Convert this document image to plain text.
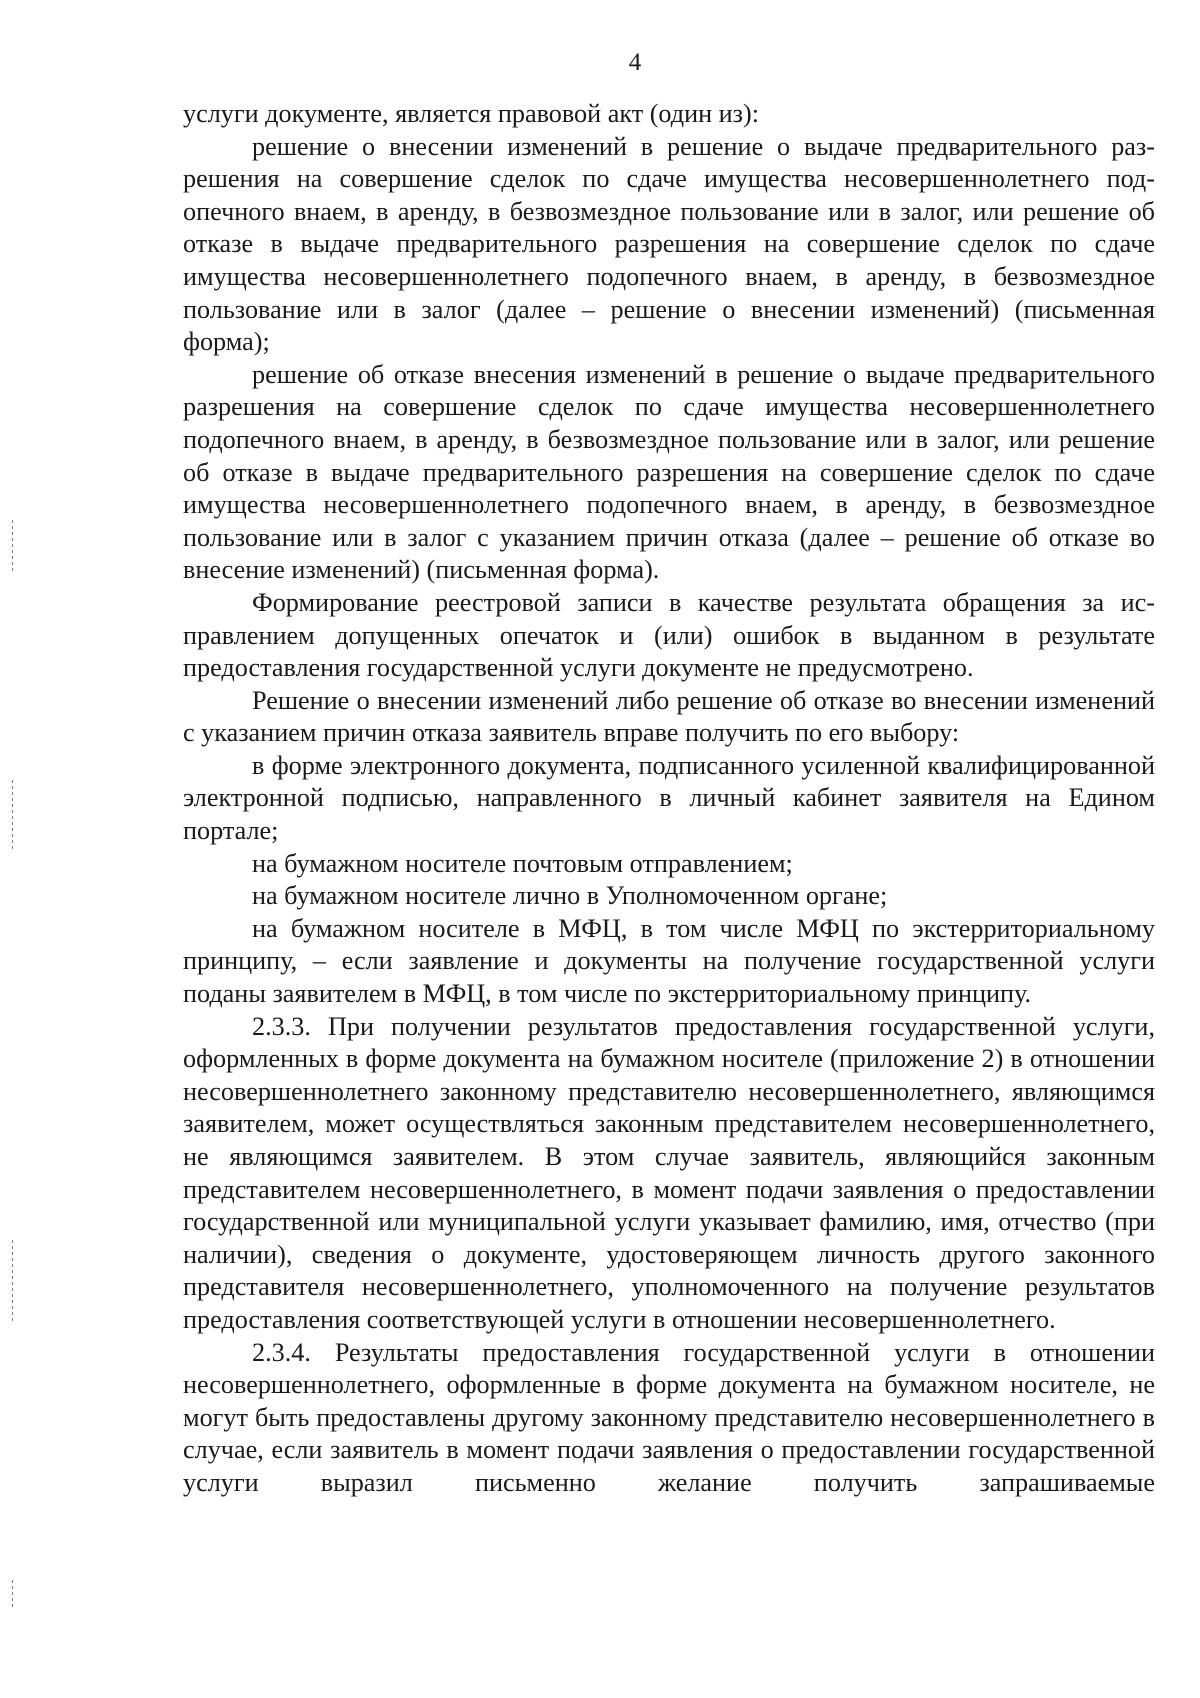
4

услуги документе, является правовой акт (один из):

решение о внесении изменений в решение о выдаче предварительного разрешения на совершение сделок по сдаче имущества несовершеннолетнего подопечного внаем, в аренду, в безвозмездное пользование или в залог, или решение об отказе в выдаче предварительного разрешения на совершение сделок по сдаче имущества несовершеннолетнего подопечного внаем, в аренду, в безвозмездное пользование или в залог (далее – решение о внесении изменений) (письменная форма);

решение об отказе внесения изменений в решение о выдаче предварительного разрешения на совершение сделок по сдаче имущества несовершеннолетнего подопечного внаем, в аренду, в безвозмездное пользование или в залог, или решение об отказе в выдаче предварительного разрешения на совершение сделок по сдаче имущества несовершеннолетнего подопечного внаем, в аренду, в безвозмездное пользование или в залог с указанием причин отказа (далее – решение об отказе во внесение изменений) (письменная форма).

Формирование реестровой записи в качестве результата обращения за исправлением допущенных опечаток и (или) ошибок в выданном в результате предоставления государственной услуги документе не предусмотрено.

Решение о внесении изменений либо решение об отказе во внесении изменений с указанием причин отказа заявитель вправе получить по его выбору:

в форме электронного документа, подписанного усиленной квалифицированной электронной подписью, направленного в личный кабинет заявителя на Едином портале;

на бумажном носителе почтовым отправлением;

на бумажном носителе лично в Уполномоченном органе;

на бумажном носителе в МФЦ, в том числе МФЦ по экстерриториальному принципу, – если заявление и документы на получение государственной услуги поданы заявителем в МФЦ, в том числе по экстерриториальному принципу.

2.3.3. При получении результатов предоставления государственной услуги, оформленных в форме документа на бумажном носителе (приложение 2) в отношении несовершеннолетнего законному представителю несовершеннолетнего, являющимся заявителем, может осуществляться законным представителем несовершеннолетнего, не являющимся заявителем. В этом случае заявитель, являющийся законным представителем несовершеннолетнего, в момент подачи заявления о предоставлении государственной или муниципальной услуги указывает фамилию, имя, отчество (при наличии), сведения о документе, удостоверяющем личность другого законного представителя несовершеннолетнего, уполномоченного на получение результатов предоставления соответствующей услуги в отношении несовершеннолетнего.

2.3.4. Результаты предоставления государственной услуги в отношении несовершеннолетнего, оформленные в форме документа на бумажном носителе, не могут быть предоставлены другому законному представителю несовершеннолетнего в случае, если заявитель в момент подачи заявления о предоставлении государственной услуги выразил письменно желание получить запрашиваемые
